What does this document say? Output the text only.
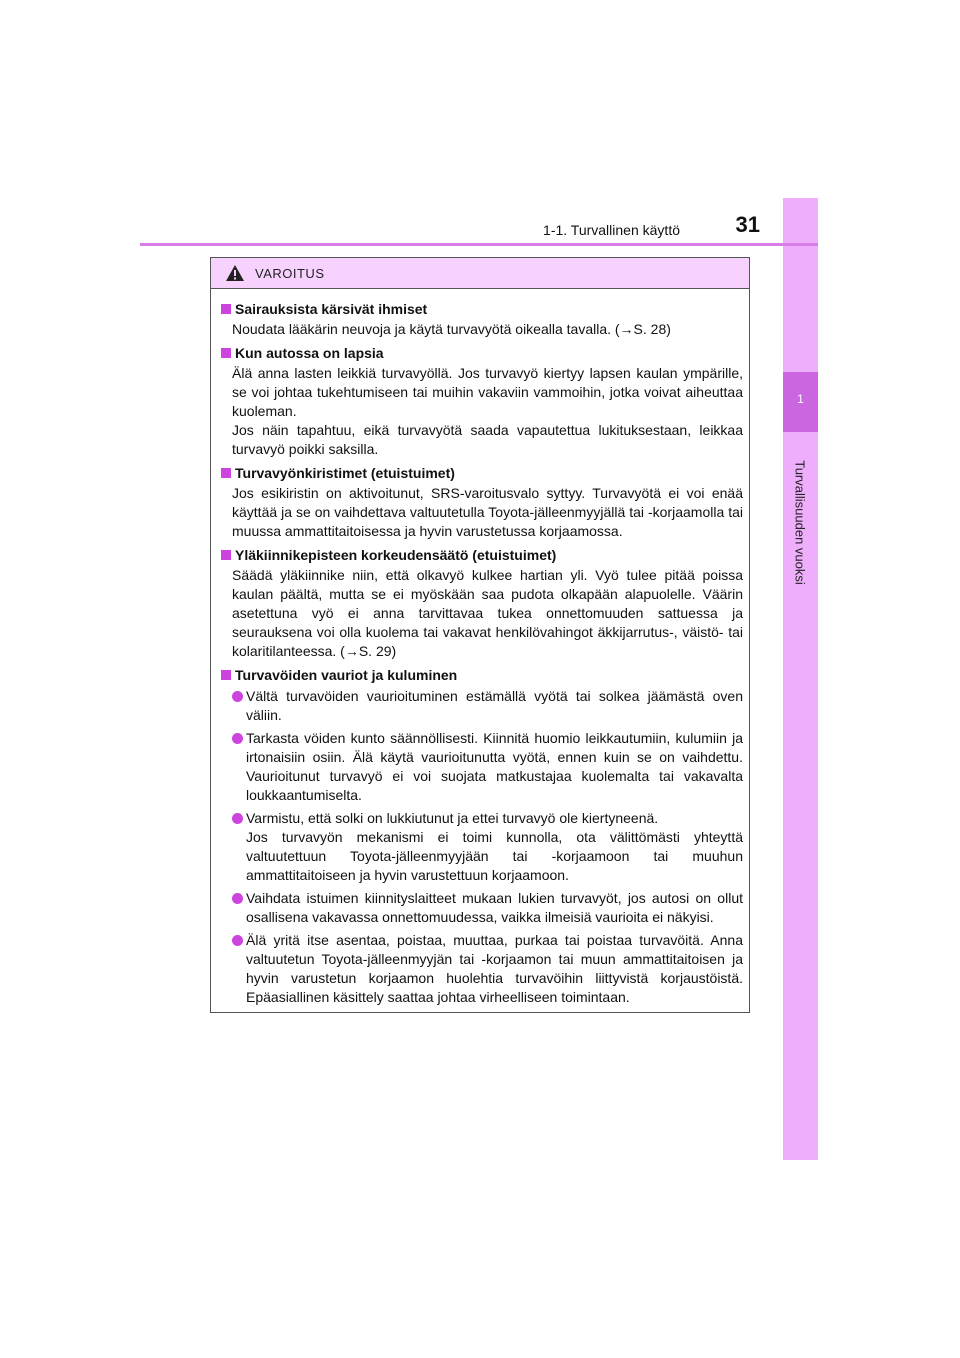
1
Turvallisuuden vuoksi
1-1. Turvallinen käyttö	31
VAROITUS
Sairauksista kärsivät ihmiset
Noudata lääkärin neuvoja ja käytä turvavyötä oikealla tavalla. (→S. 28)
Kun autossa on lapsia
Älä anna lasten leikkiä turvavyöllä. Jos turvavyö kiertyy lapsen kaulan ympärille, se voi johtaa tukehtumiseen tai muihin vakaviin vammoihin, jotka voivat aiheuttaa kuoleman.
Jos näin tapahtuu, eikä turvavyötä saada vapautettua lukituksestaan, leikkaa turvavyö poikki saksilla.
Turvavyönkiristimet (etuistuimet)
Jos esikiristin on aktivoitunut, SRS-varoitusvalo syttyy. Turvavyötä ei voi enää käyttää ja se on vaihdettava valtuutetulla Toyota-jälleenmyyjällä tai -korjaamolla tai muussa ammattitaitoisessa ja hyvin varustetussa korjaamossa.
Yläkiinnikepisteen korkeudensäätö (etuistuimet)
Säädä yläkiinnike niin, että olkavyö kulkee hartian yli. Vyö tulee pitää poissa kaulan päältä, mutta se ei myöskään saa pudota olkapään alapuolelle. Väärin asetettuna vyö ei anna tarvittavaa tukea onnettomuuden sattuessa ja seurauksena voi olla kuolema tai vakavat henkilövahingot äkkijarrutus-, väistö- tai kolaritilanteessa. (→S. 29)
Turvavöiden vauriot ja kuluminen
Vältä turvavöiden vaurioituminen estämällä vyötä tai solkea jäämästä oven väliin.
Tarkasta vöiden kunto säännöllisesti. Kiinnitä huomio leikkautumiin, kulumiin ja irtonaisiin osiin. Älä käytä vaurioitunutta vyötä, ennen kuin se on vaihdettu. Vaurioitunut turvavyö ei voi suojata matkustajaa kuolemalta tai vakavalta loukkaantumiselta.
Varmistu, että solki on lukkiutunut ja ettei turvavyö ole kiertyneenä.
Jos turvavyön mekanismi ei toimi kunnolla, ota välittömästi yhteyttä valtuutettuun Toyota-jälleenmyyjään tai -korjaamoon tai muuhun ammattitaitoiseen ja hyvin varustettuun korjaamoon.
Vaihdata istuimen kiinnityslaitteet mukaan lukien turvavyöt, jos autosi on ollut osallisena vakavassa onnettomuudessa, vaikka ilmeisiä vaurioita ei näkyisi.
Älä yritä itse asentaa, poistaa, muuttaa, purkaa tai poistaa turvavöitä. Anna valtuutetun Toyota-jälleenmyyjän tai -korjaamon tai muun ammattitaitoisen ja hyvin varustetun korjaamon huolehtia turvavöihin liittyvistä korjaustöistä. Epäasiallinen käsittely saattaa johtaa virheelliseen toimintaan.
